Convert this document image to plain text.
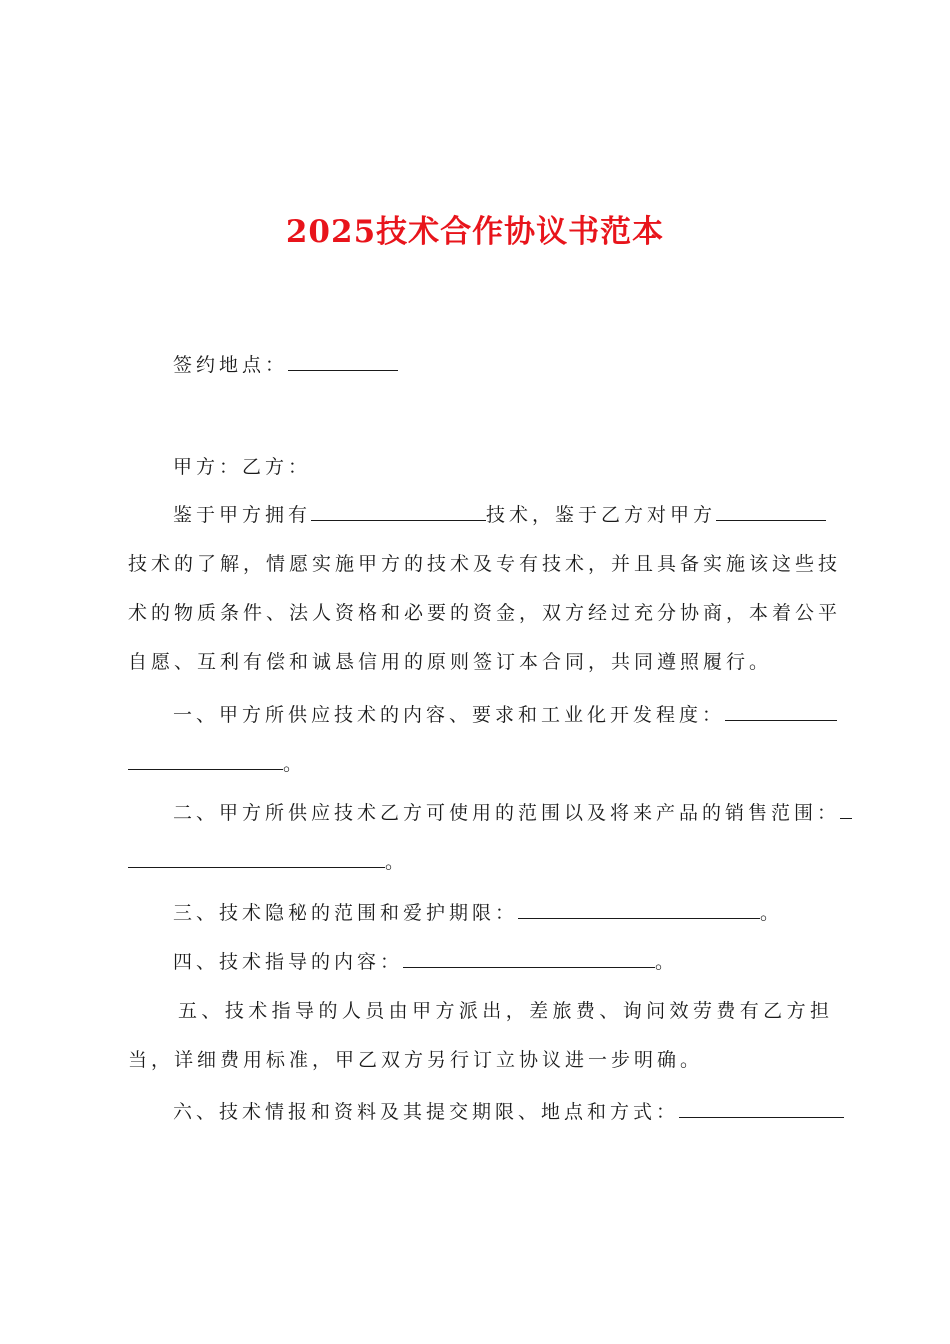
2025技术合作协议书范本
签约地点：
甲方：乙方：
鉴于甲方拥有	技术，鉴于乙方对甲方
技术的了解，情愿实施甲方的技术及专有技术，并且具备实施该这些技
术的物质条件、法人资格和必要的资金，双方经过充分协商，本着公平
自愿、互利有偿和诚恳信用的原则签订本合同，共同遵照履行。
一、甲方所供应技术的内容、要求和工业化开发程度：
。
二、甲方所供应技术乙方可使用的范围以及将来产品的销售范围：
。
三、技术隐秘的范围和爱护期限：	。
四、技术指导的内容：	。
五、技术指导的人员由甲方派出，差旅费、询问效劳费有乙方担
当，详细费用标准，甲乙双方另行订立协议进一步明确。
六、技术情报和资料及其提交期限、地点和方式：
